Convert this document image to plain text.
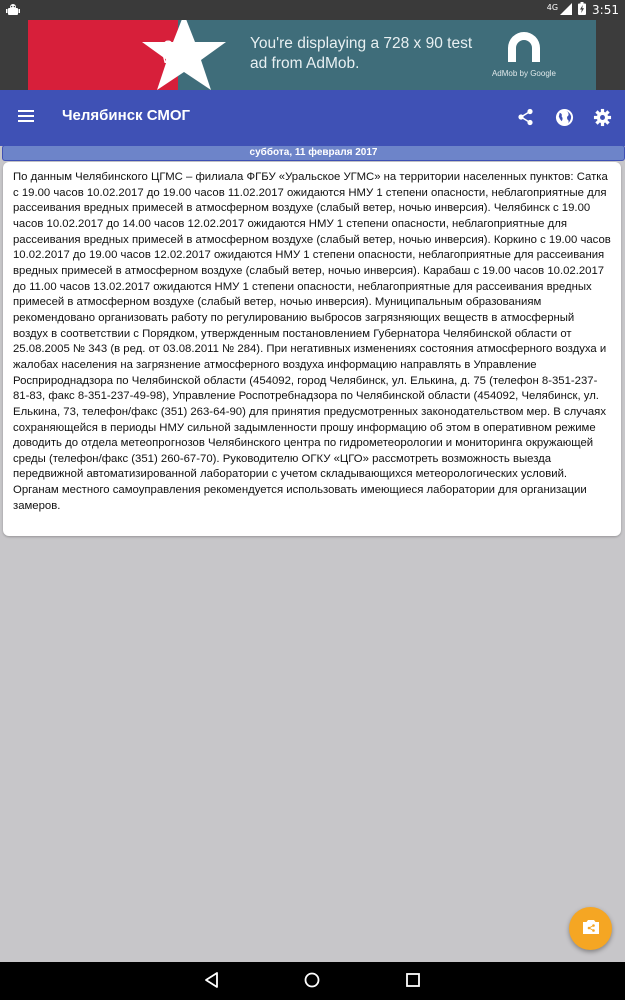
4G	3:51
Great
work!
You're displaying a 728 x 90 test ad from AdMob.
AdMob by Google
Челябинск СМОГ
суббота, 11 февраля 2017
По данным Челябинского ЦГМС – филиала ФГБУ «Уральское УГМС» на территории населенных пунктов: Сатка с 19.00 часов 10.02.2017 до 19.00 часов 11.02.2017 ожидаются НМУ 1 степени опасности, неблагоприятные для рассеивания вредных примесей в атмосферном воздухе (слабый ветер, ночью инверсия). Челябинск с 19.00 часов 10.02.2017 до 14.00 часов 12.02.2017 ожидаются НМУ 1 степени опасности, неблагоприятные для рассеивания вредных примесей в атмосферном воздухе (слабый ветер, ночью инверсия). Коркино с 19.00 часов 10.02.2017 до 19.00 часов 12.02.2017 ожидаются НМУ 1 степени опасности, неблагоприятные для рассеивания вредных примесей в атмосферном воздухе (слабый ветер, ночью инверсия). Карабаш с 19.00 часов 10.02.2017 до 11.00 часов 13.02.2017 ожидаются НМУ 1 степени опасности, неблагоприятные для рассеивания вредных примесей в атмосферном воздухе (слабый ветер, ночью инверсия). Муниципальным образованиям рекомендовано организовать работу по регулированию выбросов загрязняющих веществ в атмосферный воздух в соответствии с Порядком, утвержденным постановлением Губернатора Челябинской области от 25.08.2005 № 343 (в ред. от 03.08.2011 № 284). При негативных изменениях состояния атмосферного воздуха и жалобах населения на загрязнение атмосферного воздуха информацию направлять в Управление Росприроднадзора по Челябинской области (454092, город Челябинск, ул. Елькина, д. 75 (телефон 8-351-237-81-83, факс 8-351-237-49-98), Управление Роспотребнадзора по Челябинской области (454092, Челябинск, ул. Елькина, 73, телефон/факс (351) 263-64-90) для принятия предусмотренных законодательством мер. В случаях сохраняющейся в периоды НМУ сильной задымленности прошу информацию об этом в оперативном режиме доводить до отдела метеопрогнозов Челябинского центра по гидрометеорологии и мониторинга окружающей среды (телефон/факс (351) 260-67-70). Руководителю ОГКУ «ЦГО» рассмотреть возможность выезда передвижной автоматизированной лаборатории с учетом складывающихся метеорологических условий. Органам местного самоуправления рекомендуется использовать имеющиеся лаборатории для организации замеров.
